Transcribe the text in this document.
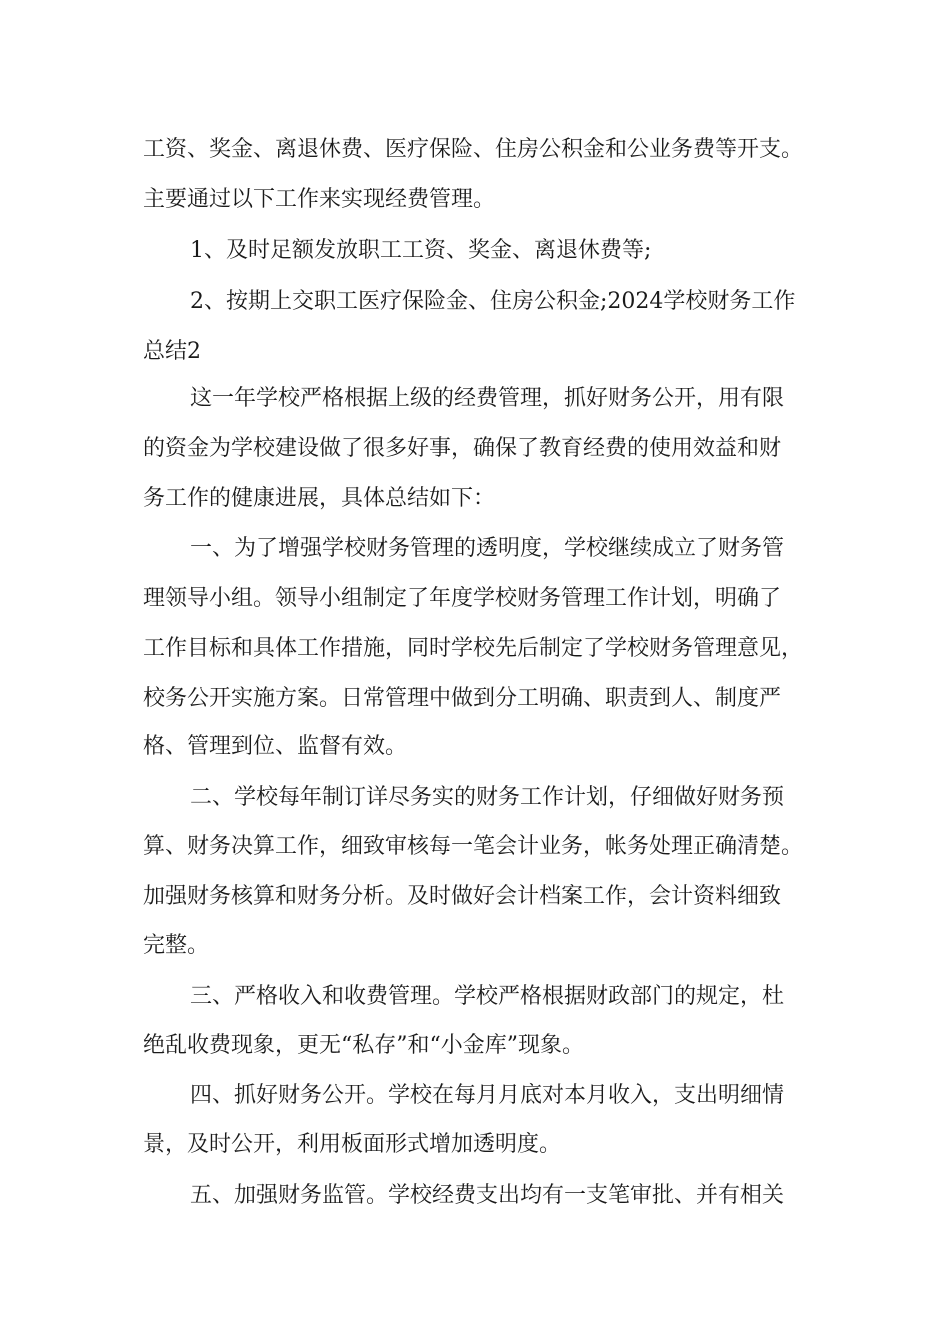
工资、奖金、离退休费、医疗保险、住房公积金和公业务费等开支。
主要通过以下工作来实现经费管理。
1、及时足额发放职工工资、奖金、离退休费等;
2、按期上交职工医疗保险金、住房公积金;2024学校财务工作
总结2
这一年学校严格根据上级的经费管理，抓好财务公开，用有限
的资金为学校建设做了很多好事，确保了教育经费的使用效益和财
务工作的健康进展，具体总结如下：
一、为了增强学校财务管理的透明度，学校继续成立了财务管
理领导小组。领导小组制定了年度学校财务管理工作计划，明确了
工作目标和具体工作措施，同时学校先后制定了学校财务管理意见，
校务公开实施方案。日常管理中做到分工明确、职责到人、制度严
格、管理到位、监督有效。
二、学校每年制订详尽务实的财务工作计划，仔细做好财务预
算、财务决算工作，细致审核每一笔会计业务，帐务处理正确清楚。
加强财务核算和财务分析。及时做好会计档案工作，会计资料细致
完整。
三、严格收入和收费管理。学校严格根据财政部门的规定，杜
绝乱收费现象，更无“私存”和“小金库”现象。
四、抓好财务公开。学校在每月月底对本月收入，支出明细情
景，及时公开，利用板面形式增加透明度。
五、加强财务监管。学校经费支出均有一支笔审批、并有相关
